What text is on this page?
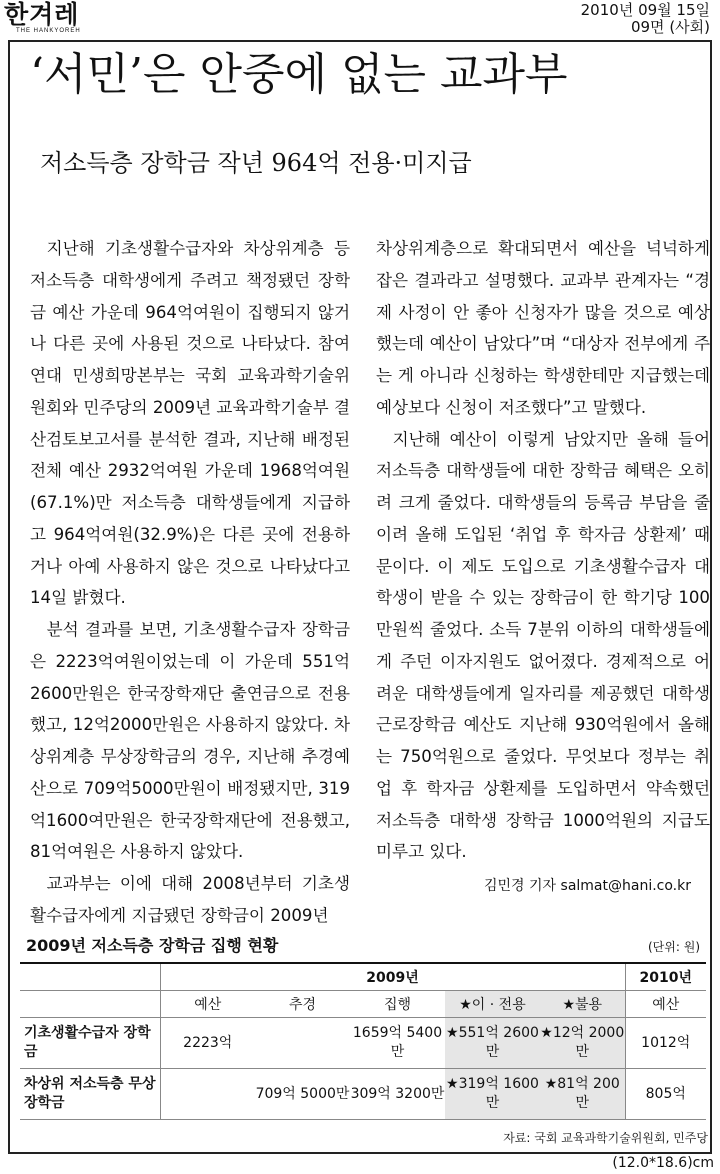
한겨레
THE HANKYOREH
2010년 09월 15일
09면 (사회)
‘서민’은 안중에 없는 교과부
저소득층 장학금 작년 964억 전용·미지급

지난해 기초생활수급자와 차상위계층 등 저소득층 대학생에게 주려고 책정됐던 장학금 예산 가운데 964억여원이 집행되지 않거나 다른 곳에 사용된 것으로 나타났다. 참여연대 민생희망본부는 국회 교육과학기술위원회와 민주당의 2009년 교육과학기술부 결산검토보고서를 분석한 결과, 지난해 배정된 전체 예산 2932억여원 가운데 1968억여원(67.1%)만 저소득층 대학생들에게 지급하고 964억여원(32.9%)은 다른 곳에 전용하거나 아예 사용하지 않은 것으로 나타났다고 14일 밝혔다.

분석 결과를 보면, 기초생활수급자 장학금은 2223억여원이었는데 이 가운데 551억 2600만원은 한국장학재단 출연금으로 전용했고, 12억2000만원은 사용하지 않았다. 차상위계층 무상장학금의 경우, 지난해 추경예산으로 709억5000만원이 배정됐지만, 319억1600여만원은 한국장학재단에 전용했고, 81억여원은 사용하지 않았다.

교과부는 이에 대해 2008년부터 기초생활수급자에게 지급됐던 장학금이 2009년

차상위계층으로 확대되면서 예산을 넉넉하게 잡은 결과라고 설명했다. 교과부 관계자는 “경제 사정이 안 좋아 신청자가 많을 것으로 예상했는데 예산이 남았다”며 “대상자 전부에게 주는 게 아니라 신청하는 학생한테만 지급했는데 예상보다 신청이 저조했다”고 말했다.

지난해 예산이 이렇게 남았지만 올해 들어 저소득층 대학생들에 대한 장학금 혜택은 오히려 크게 줄었다. 대학생들의 등록금 부담을 줄이려 올해 도입된 ‘취업 후 학자금 상환제’ 때문이다. 이 제도 도입으로 기초생활수급자 대학생이 받을 수 있는 장학금이 한 학기당 100만원씩 줄었다. 소득 7분위 이하의 대학생들에게 주던 이자지원도 없어졌다. 경제적으로 어려운 대학생들에게 일자리를 제공했던 대학생 근로장학금 예산도 지난해 930억원에서 올해는 750억원으로 줄었다. 무엇보다 정부는 취업 후 학자금 상환제를 도입하면서 약속했던 저소득층 대학생 장학금 1000억원의 지급도 미루고 있다.

김민경 기자 salmat@hani.co.kr
2009년 저소득층 장학금 집행 현황	(단위: 원)
	2009년					2010년
	예산	추경	집행	★이 · 전용	★불용	예산
기초생활수급자 장학금	2223억		1659억 5400만	★551억 2600만	★12억 2000만	1012억
차상위 저소득층 무상 장학금		709억 5000만	309억 3200만	★319억 1600만	★81억 200만	805억
자료: 국회 교육과학기술위원회, 민주당
(12.0*18.6)cm
